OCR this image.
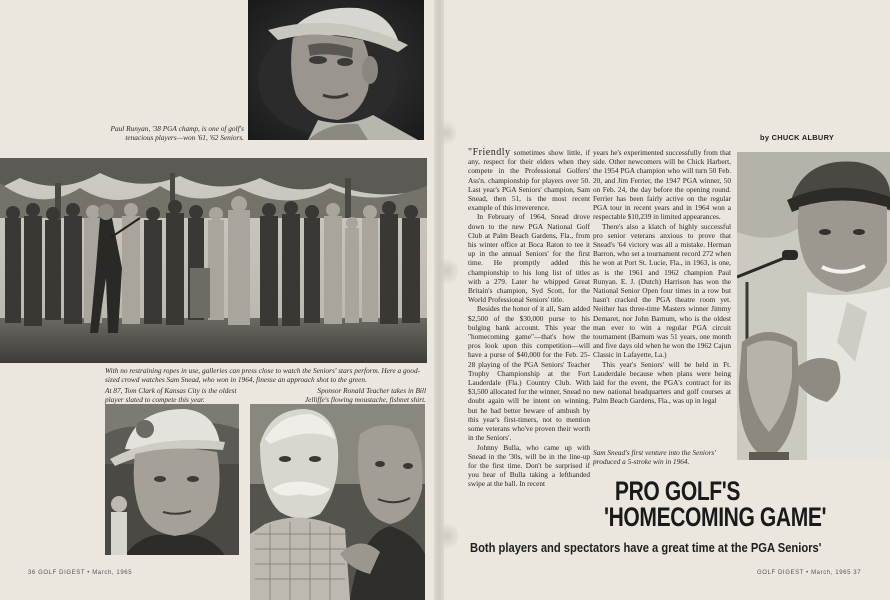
Paul Runyan, '38 PGA champ, is one of golf's tenacious players—won '61, '62 Seniors.

With no restraining ropes in use, galleries can press close to watch the Seniors' stars perform. Here a good-sized crowd watches Sam Snead, who won in 1964, finesse an approach shot to the green.

At 87, Tom Clark of Kansas City is the oldest player slated to compete this year.

Sponsor Ronald Teacher takes in Bill Jelliffe's flowing moustache, fishnet shirt.

36 GOLF DIGEST • March, 1965
by CHUCK ALBURY

"Friendly sometimes show little, if any, respect for their elders when they compete in the Professional Golfers' Ass'n. championship for players over 50. Last year's PGA Seniors' champion, Sam Snead, then 51, is the most recent example of this irreverence.

In February of 1964, Snead drove down to the new PGA National Golf Club at Palm Beach Gardens, Fla., from his winter office at Boca Raton to tee it up in the annual Seniors' for the first time. He promptly added this championship to his long list of titles with a 279. Later he whipped Great Britain's champion, Syd Scott, for the World Professional Seniors' title.

Besides the honor of it all, Sam added $2,500 of the $30,000 purse to his bulging bank account. This year the "homecoming game"—that's how the pros look upon this competition—will have a purse of $40,000 for the Feb. 25-28 playing of the PGA Seniors' Teacher Trophy Championship at the Fort Lauderdale (Fla.) Country Club. With $3,500 allocated for the winner, Snead no doubt again will be intent on winning, but he had better beware of ambush by this year's first-timers, not to mention some veterans who've proven their worth in the Seniors'.

Johnny Bulla, who came up with Snead in the '30s, will be in the line-up for the first time. Don't be surprised if you hear of Bulla taking a lefthanded swipe at the ball. In recent

years he's experimented successfully from that side. Other newcomers will be Chick Harbert, the 1954 PGA champion who will turn 50 Feb. 20, and Jim Ferrier, the 1947 PGA winner, 50 on Feb. 24, the day before the opening round. Ferrier has been fairly active on the regular PGA tour in recent years and in 1964 won a respectable $10,239 in limited appearances.

There's also a klatch of highly successful pro senior veterans anxious to prove that Snead's '64 victory was all a mistake. Herman Barron, who set a tournament record 272 when he won at Port St. Lucie, Fla., in 1963, is one, as is the 1961 and 1962 champion Paul Runyan. E. J. (Dutch) Harrison has won the National Senior Open four times in a row but hasn't cracked the PGA theatre room yet. Neither has three-time Masters winner Jimmy Demaret, nor John Barnum, who is the oldest man ever to win a regular PGA circuit tournament (Barnum was 51 years, one month and five days old when he won the 1962 Cajun Classic in Lafayette, La.)

This year's Seniors' will be held in Ft. Lauderdale because when plans were being laid for the event, the PGA's contract for its new national headquarters and golf courses at Palm Beach Gardens, Fla., was up in legal

Sam Snead's first venture into the Seniors' produced a 5-stroke win in 1964.
PRO GOLF'S
'HOMECOMING GAME'
Both players and spectators have a great time at the PGA Seniors'
GOLF DIGEST • March, 1965 37
